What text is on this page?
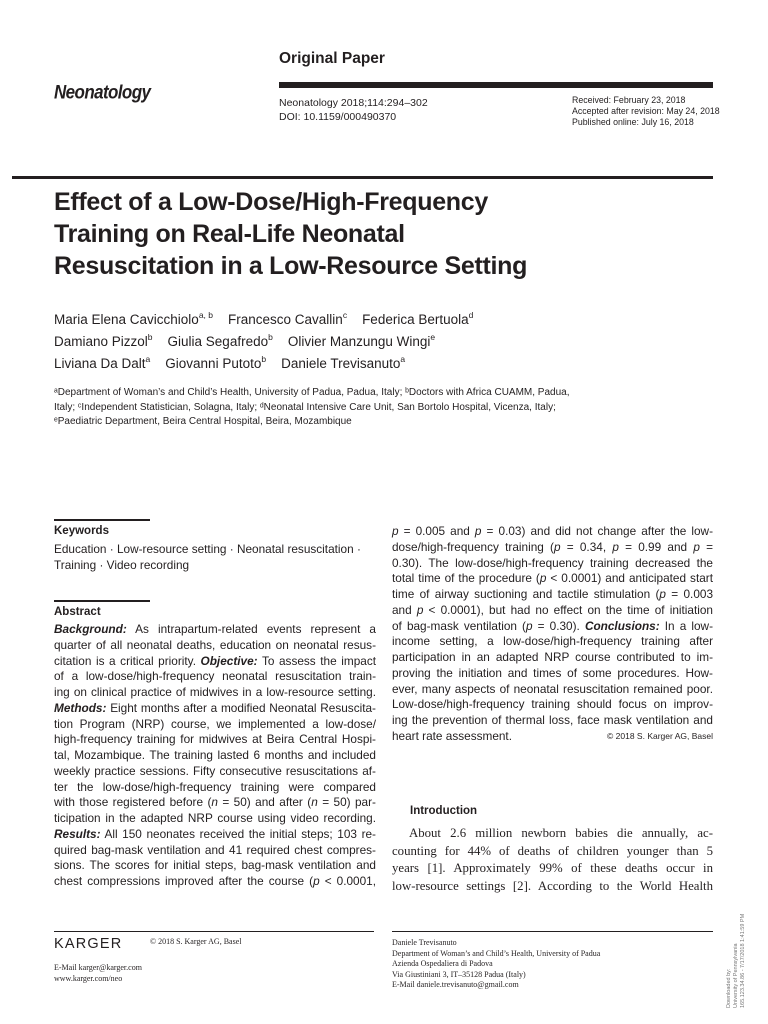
Original Paper
Neonatology
Neonatology 2018;114:294–302
DOI: 10.1159/000490370
Received: February 23, 2018
Accepted after revision: May 24, 2018
Published online: July 16, 2018
Effect of a Low-Dose/High-Frequency
Training on Real-Life Neonatal
Resuscitation in a Low-Resource Setting
Maria Elena Cavicchiolo$^{a, b}$ Francesco Cavallin$^c$ Federica Bertuola$^d$
Damiano Pizzol$^b$ Giulia Segafredo$^b$ Olivier Manzungu Wingi$^e$
Liviana Da Dalt$^a$ Giovanni Putoto$^b$ Daniele Trevisanuto$^a$
ᵃDepartment of Woman’s and Child’s Health, University of Padua, Padua, Italy; ᵇDoctors with Africa CUAMM, Padua,
Italy; ᶜIndependent Statistician, Solagna, Italy; ᵈNeonatal Intensive Care Unit, San Bortolo Hospital, Vicenza, Italy;
ᵉPaediatric Department, Beira Central Hospital, Beira, Mozambique
Keywords
Education · Low-resource setting · Neonatal resuscitation ·
Training · Video recording
Abstract
Background: As intrapartum-related events represent a
quarter of all neonatal deaths, education on neonatal resus-
citation is a critical priority. Objective: To assess the impact
of a low-dose/high-frequency neonatal resuscitation train-
ing on clinical practice of midwives in a low-resource setting.
Methods: Eight months after a modified Neonatal Resuscita-
tion Program (NRP) course, we implemented a low-dose/
high-frequency training for midwives at Beira Central Hospi-
tal, Mozambique. The training lasted 6 months and included
weekly practice sessions. Fifty consecutive resuscitations af-
ter the low-dose/high-frequency training were compared
with those registered before (n = 50) and after (n = 50) par-
ticipation in the adapted NRP course using video recording.
Results: All 150 neonates received the initial steps; 103 re-
quired bag-mask ventilation and 41 required chest compres-
sions. The scores for initial steps, bag-mask ventilation and
chest compressions improved after the course (p < 0.0001,
p = 0.005 and p = 0.03) and did not change after the low-
dose/high-frequency training (p = 0.34, p = 0.99 and p =
0.30). The low-dose/high-frequency training decreased the
total time of the procedure (p < 0.0001) and anticipated start
time of airway suctioning and tactile stimulation (p = 0.003
and p < 0.0001), but had no effect on the time of initiation
of bag-mask ventilation (p = 0.30). Conclusions: In a low-
income setting, a low-dose/high-frequency training after
participation in an adapted NRP course contributed to im-
proving the initiation and times of some procedures. How-
ever, many aspects of neonatal resuscitation remained poor.
Low-dose/high-frequency training should focus on improv-
ing the prevention of thermal loss, face mask ventilation and
heart rate assessment.	© 2018 S. Karger AG, Basel
Introduction
About 2.6 million newborn babies die annually, ac-
counting for 44% of deaths of children younger than 5
years [1]. Approximately 99% of these deaths occur in
low-resource settings [2]. According to the World Health
KARGER	© 2018 S. Karger AG, Basel
E-Mail karger@karger.com
www.karger.com/neo
Daniele Trevisanuto
Department of Woman’s and Child’s Health, University of Padua
Azienda Ospedaliera di Padova
Via Giustiniani 3, IT–35128 Padua (Italy)
E-Mail daniele.trevisanuto@gmail.com	Downloaded by: University of Pennsylvania 165.123.34.86 - 7/17/2018 1:41:59 PM
